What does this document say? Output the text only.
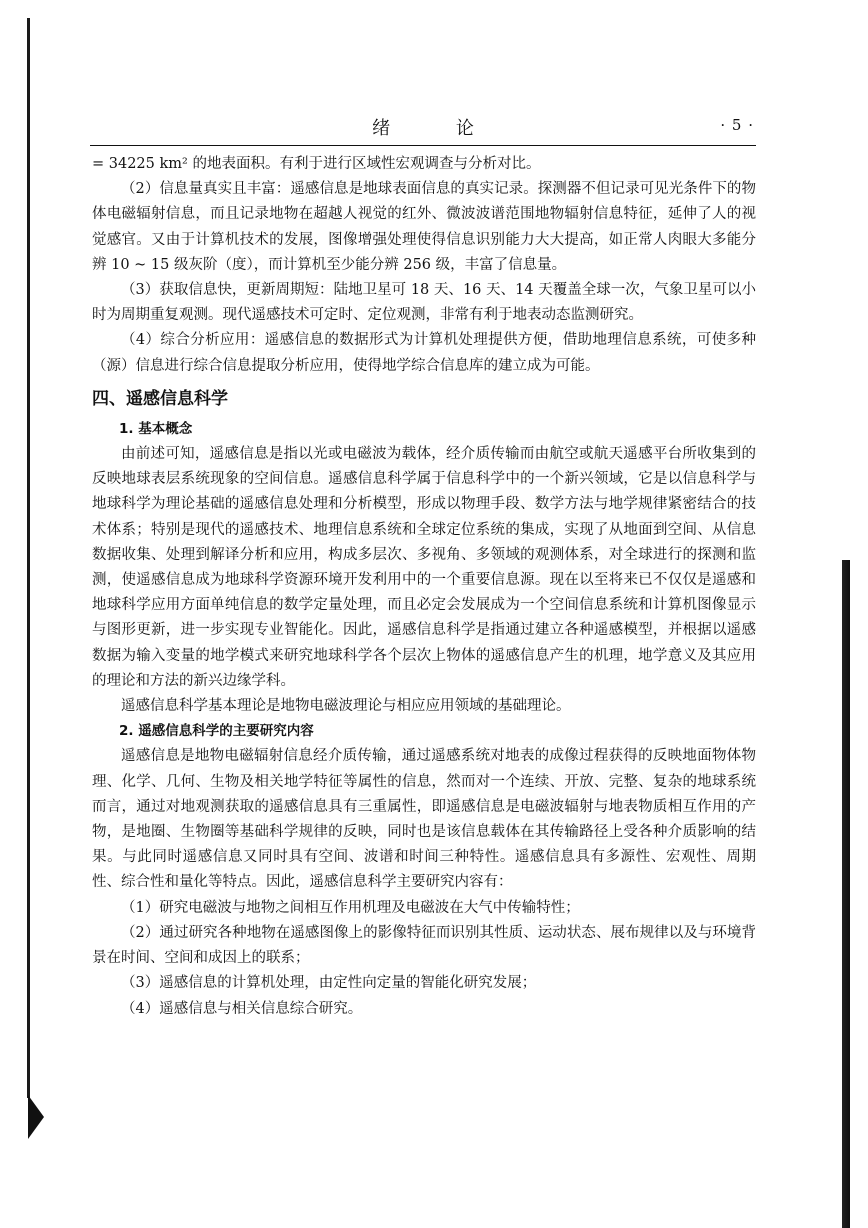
绪 论	· 5 ·

= 34225 km² 的地表面积。有利于进行区域性宏观调查与分析对比。

（2）信息量真实且丰富：遥感信息是地球表面信息的真实记录。探测器不但记录可见光条件下的物体电磁辐射信息，而且记录地物在超越人视觉的红外、微波波谱范围地物辐射信息特征，延伸了人的视觉感官。又由于计算机技术的发展，图像增强处理使得信息识别能力大大提高，如正常人肉眼大多能分辨 10 ~ 15 级灰阶（度），而计算机至少能分辨 256 级，丰富了信息量。

（3）获取信息快，更新周期短：陆地卫星可 18 天、16 天、14 天覆盖全球一次，气象卫星可以小时为周期重复观测。现代遥感技术可定时、定位观测，非常有利于地表动态监测研究。

（4）综合分析应用：遥感信息的数据形式为计算机处理提供方便，借助地理信息系统，可使多种（源）信息进行综合信息提取分析应用，使得地学综合信息库的建立成为可能。

四、遥感信息科学

1. 基本概念

由前述可知，遥感信息是指以光或电磁波为载体，经介质传输而由航空或航天遥感平台所收集到的反映地球表层系统现象的空间信息。遥感信息科学属于信息科学中的一个新兴领域，它是以信息科学与地球科学为理论基础的遥感信息处理和分析模型，形成以物理手段、数学方法与地学规律紧密结合的技术体系；特别是现代的遥感技术、地理信息系统和全球定位系统的集成，实现了从地面到空间、从信息数据收集、处理到解译分析和应用，构成多层次、多视角、多领域的观测体系，对全球进行的探测和监测，使遥感信息成为地球科学资源环境开发利用中的一个重要信息源。现在以至将来已不仅仅是遥感和地球科学应用方面单纯信息的数学定量处理，而且必定会发展成为一个空间信息系统和计算机图像显示与图形更新，进一步实现专业智能化。因此，遥感信息科学是指通过建立各种遥感模型，并根据以遥感数据为输入变量的地学模式来研究地球科学各个层次上物体的遥感信息产生的机理，地学意义及其应用的理论和方法的新兴边缘学科。

遥感信息科学基本理论是地物电磁波理论与相应应用领域的基础理论。

2. 遥感信息科学的主要研究内容

遥感信息是地物电磁辐射信息经介质传输，通过遥感系统对地表的成像过程获得的反映地面物体物理、化学、几何、生物及相关地学特征等属性的信息，然而对一个连续、开放、完整、复杂的地球系统而言，通过对地观测获取的遥感信息具有三重属性，即遥感信息是电磁波辐射与地表物质相互作用的产物，是地圈、生物圈等基础科学规律的反映，同时也是该信息载体在其传输路径上受各种介质影响的结果。与此同时遥感信息又同时具有空间、波谱和时间三种特性。遥感信息具有多源性、宏观性、周期性、综合性和量化等特点。因此，遥感信息科学主要研究内容有：

（1）研究电磁波与地物之间相互作用机理及电磁波在大气中传输特性；

（2）通过研究各种地物在遥感图像上的影像特征而识别其性质、运动状态、展布规律以及与环境背景在时间、空间和成因上的联系；

（3）遥感信息的计算机处理，由定性向定量的智能化研究发展；

（4）遥感信息与相关信息综合研究。
